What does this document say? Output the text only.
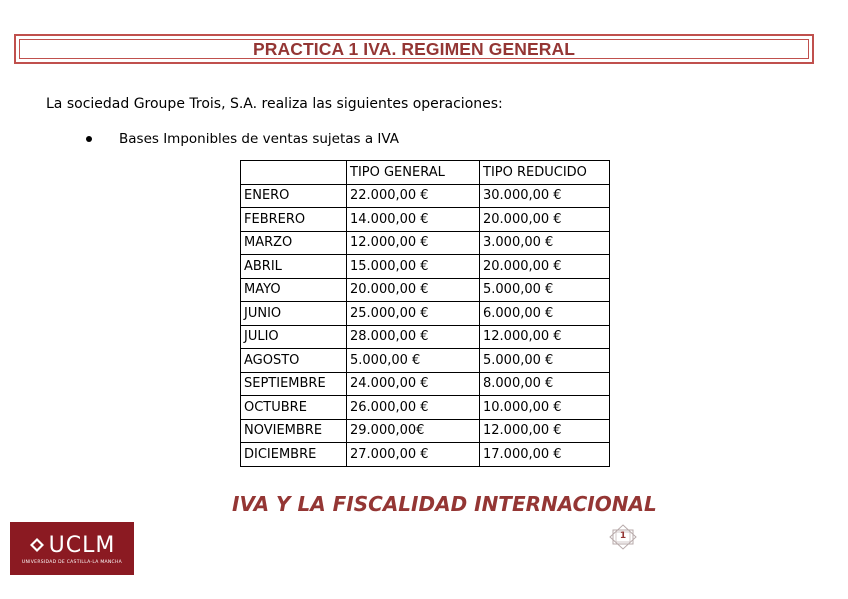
PRACTICA 1 IVA. REGIMEN GENERAL
La sociedad Groupe Trois, S.A. realiza las siguientes operaciones:
Bases Imponibles de ventas sujetas a IVA
	TIPO GENERAL	TIPO REDUCIDO
ENERO	22.000,00 €	30.000,00 €
FEBRERO	14.000,00 €	20.000,00 €
MARZO	12.000,00 €	3.000,00 €
ABRIL	15.000,00 €	20.000,00 €
MAYO	20.000,00 €	5.000,00 €
JUNIO	25.000,00 €	6.000,00 €
JULIO	28.000,00 €	12.000,00 €
AGOSTO	5.000,00 €	5.000,00 €
SEPTIEMBRE	24.000,00 €	8.000,00 €
OCTUBRE	26.000,00 €	10.000,00 €
NOVIEMBRE	29.000,00€	12.000,00 €
DICIEMBRE	27.000,00 €	17.000,00 €
IVA Y LA FISCALIDAD INTERNACIONAL
1
UCLM
UNIVERSIDAD DE CASTILLA-LA MANCHA
